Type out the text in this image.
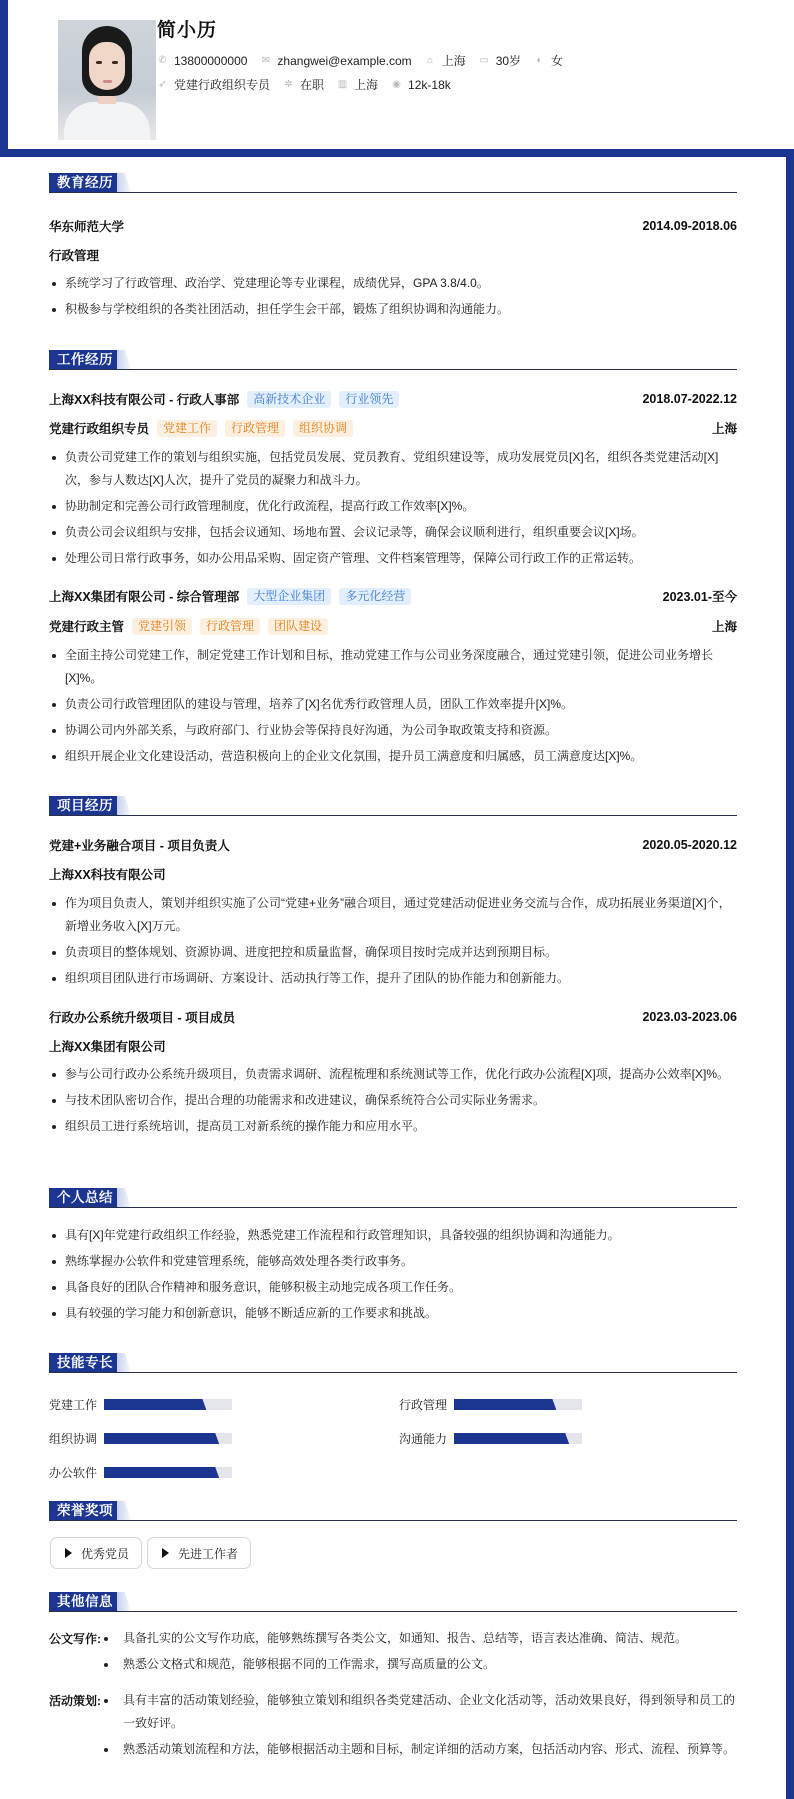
简小历
✆ 13800000000 ✉ zhangwei@example.com ⌂ 上海 ▭ 30岁 ◐ 女
➶ 党建行政组织专员 ✲ 在职 ▥ 上海 ◉ 12k-18k
教育经历
华东师范大学	2014.09-2018.06
行政管理
系统学习了行政管理、政治学、党建理论等专业课程，成绩优异，GPA 3.8/4.0。
积极参与学校组织的各类社团活动，担任学生会干部，锻炼了组织协调和沟通能力。
工作经历
上海XX科技有限公司 - 行政人事部	高新技术企业	行业领先	2018.07-2022.12
党建行政组织专员	党建工作	行政管理	组织协调	上海
负责公司党建工作的策划与组织实施，包括党员发展、党员教育、党组织建设等，成功发展党员[X]名，组织各类党建活动[X]次，参与人数达[X]人次，提升了党员的凝聚力和战斗力。
协助制定和完善公司行政管理制度，优化行政流程，提高行政工作效率[X]%。
负责公司会议组织与安排，包括会议通知、场地布置、会议记录等，确保会议顺利进行，组织重要会议[X]场。
处理公司日常行政事务，如办公用品采购、固定资产管理、文件档案管理等，保障公司行政工作的正常运转。
上海XX集团有限公司 - 综合管理部	大型企业集团	多元化经营	2023.01-至今
党建行政主管	党建引领	行政管理	团队建设	上海
全面主持公司党建工作，制定党建工作计划和目标，推动党建工作与公司业务深度融合，通过党建引领，促进公司业务增长[X]%。
负责公司行政管理团队的建设与管理，培养了[X]名优秀行政管理人员，团队工作效率提升[X]%。
协调公司内外部关系，与政府部门、行业协会等保持良好沟通，为公司争取政策支持和资源。
组织开展企业文化建设活动，营造积极向上的企业文化氛围，提升员工满意度和归属感，员工满意度达[X]%。
项目经历
党建+业务融合项目 - 项目负责人	2020.05-2020.12
上海XX科技有限公司
作为项目负责人，策划并组织实施了公司“党建+业务”融合项目，通过党建活动促进业务交流与合作，成功拓展业务渠道[X]个，新增业务收入[X]万元。
负责项目的整体规划、资源协调、进度把控和质量监督，确保项目按时完成并达到预期目标。
组织项目团队进行市场调研、方案设计、活动执行等工作，提升了团队的协作能力和创新能力。
行政办公系统升级项目 - 项目成员	2023.03-2023.06
上海XX集团有限公司
参与公司行政办公系统升级项目，负责需求调研、流程梳理和系统测试等工作，优化行政办公流程[X]项，提高办公效率[X]%。
与技术团队密切合作，提出合理的功能需求和改进建议，确保系统符合公司实际业务需求。
组织员工进行系统培训，提高员工对新系统的操作能力和应用水平。
个人总结
具有[X]年党建行政组织工作经验，熟悉党建工作流程和行政管理知识，具备较强的组织协调和沟通能力。
熟练掌握办公软件和党建管理系统，能够高效处理各类行政事务。
具备良好的团队合作精神和服务意识，能够积极主动地完成各项工作任务。
具有较强的学习能力和创新意识，能够不断适应新的工作要求和挑战。
技能专长
党建工作	行政管理
组织协调	沟通能力
办公软件
荣誉奖项
优秀党员	先进工作者
其他信息
公文写作:	具备扎实的公文写作功底，能够熟练撰写各类公文，如通知、报告、总结等，语言表达准确、简洁、规范。
熟悉公文格式和规范，能够根据不同的工作需求，撰写高质量的公文。
活动策划:	具有丰富的活动策划经验，能够独立策划和组织各类党建活动、企业文化活动等，活动效果良好，得到领导和员工的一致好评。
熟悉活动策划流程和方法，能够根据活动主题和目标，制定详细的活动方案，包括活动内容、形式、流程、预算等。
